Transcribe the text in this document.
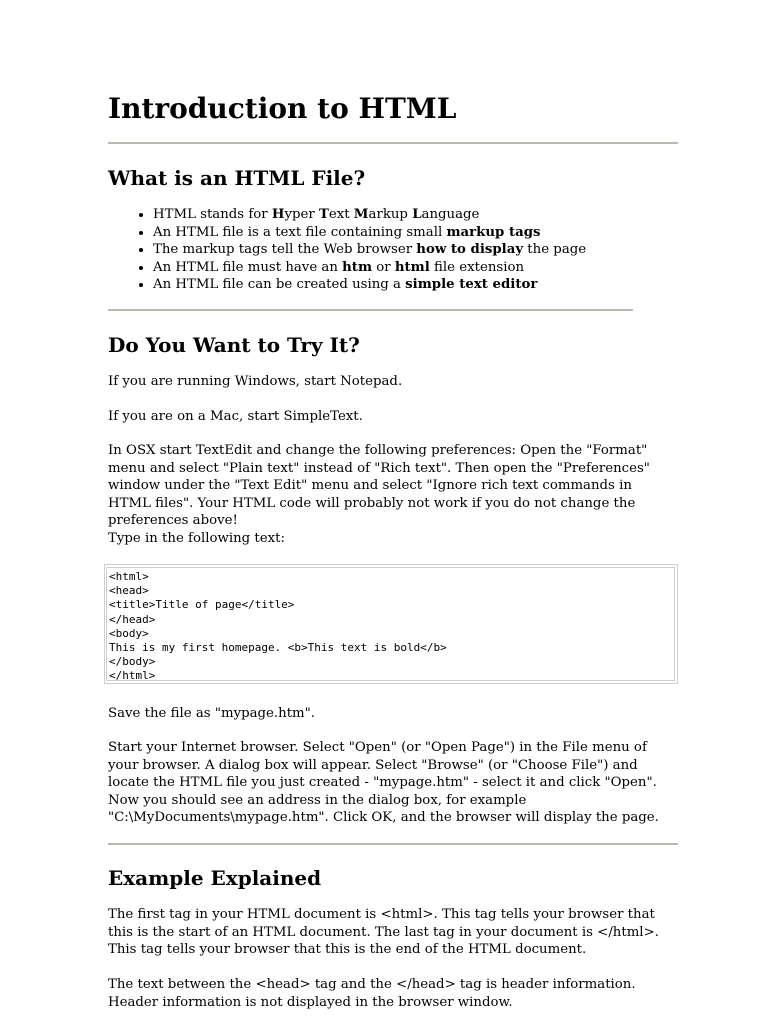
Introduction to HTML
What is an HTML File?
• HTML stands for Hyper Text Markup Language
• An HTML file is a text file containing small markup tags
• The markup tags tell the Web browser how to display the page
• An HTML file must have an htm or html file extension
• An HTML file can be created using a simple text editor
Do You Want to Try It?

If you are running Windows, start Notepad.

If you are on a Mac, start SimpleText.

In OSX start TextEdit and change the following preferences: Open the "Format" menu and select "Plain text" instead of "Rich text". Then open the "Preferences" window under the "Text Edit" menu and select "Ignore rich text commands in HTML files". Your HTML code will probably not work if you do not change the preferences above!

Type in the following text:

<html>
<head>
<title>Title of page</title>
</head>
<body>
This is my first homepage. <b>This text is bold</b>
</body>
</html>

Save the file as "mypage.htm".

Start your Internet browser. Select "Open" (or "Open Page") in the File menu of your browser. A dialog box will appear. Select "Browse" (or "Choose File") and locate the HTML file you just created - "mypage.htm" - select it and click "Open". Now you should see an address in the dialog box, for example "C:\MyDocuments\mypage.htm". Click OK, and the browser will display the page.

Example Explained

The first tag in your HTML document is <html>. This tag tells your browser that this is the start of an HTML document. The last tag in your document is </html>. This tag tells your browser that this is the end of the HTML document.

The text between the <head> tag and the </head> tag is header information. Header information is not displayed in the browser window.
